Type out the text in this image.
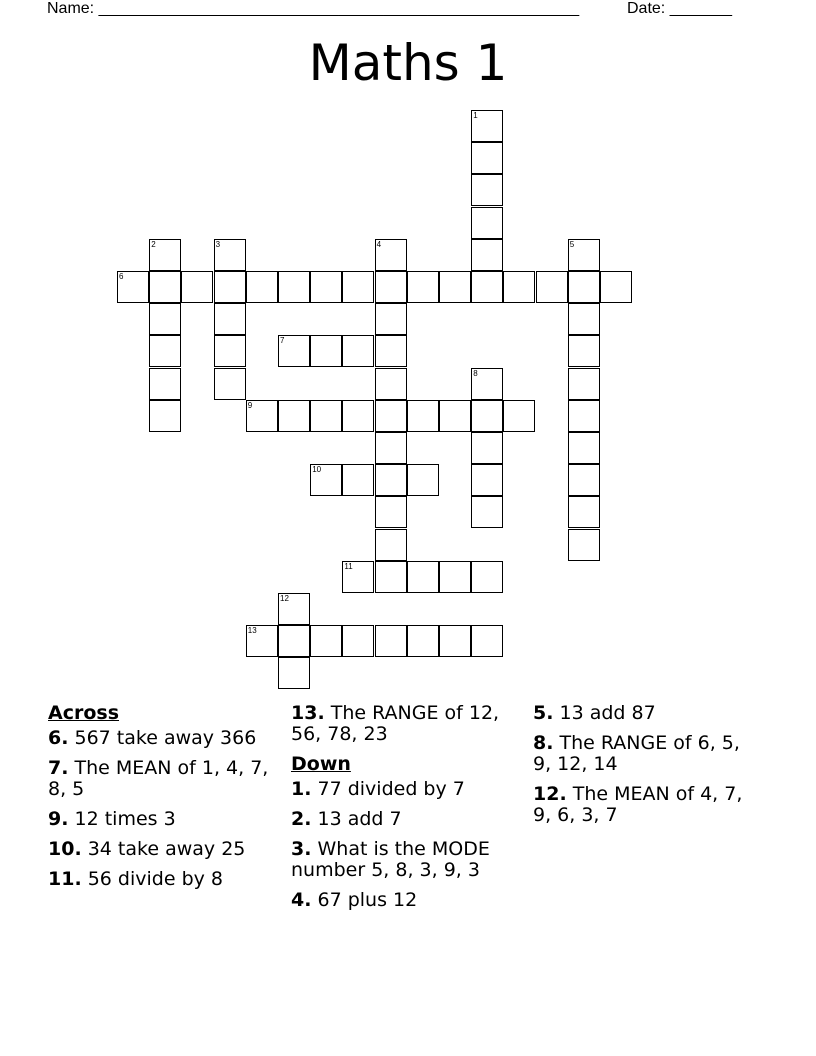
Name: ______________________________________________________	Date: _______
Maths 1
1
2	3	4	5
6
7
8
9
10
11
12
13
Across
6. 567 take away 366
7. The MEAN of 1, 4, 7, 8, 5
9. 12 times 3
10. 34 take away 25
11. 56 divide by 8
13. The RANGE of 12, 56, 78, 23
Down
1. 77 divided by 7
2. 13 add 7
3. What is the MODE number 5, 8, 3, 9, 3
4. 67 plus 12
5. 13 add 87
8. The RANGE of 6, 5, 9, 12, 14
12. The MEAN of 4, 7, 9, 6, 3, 7
